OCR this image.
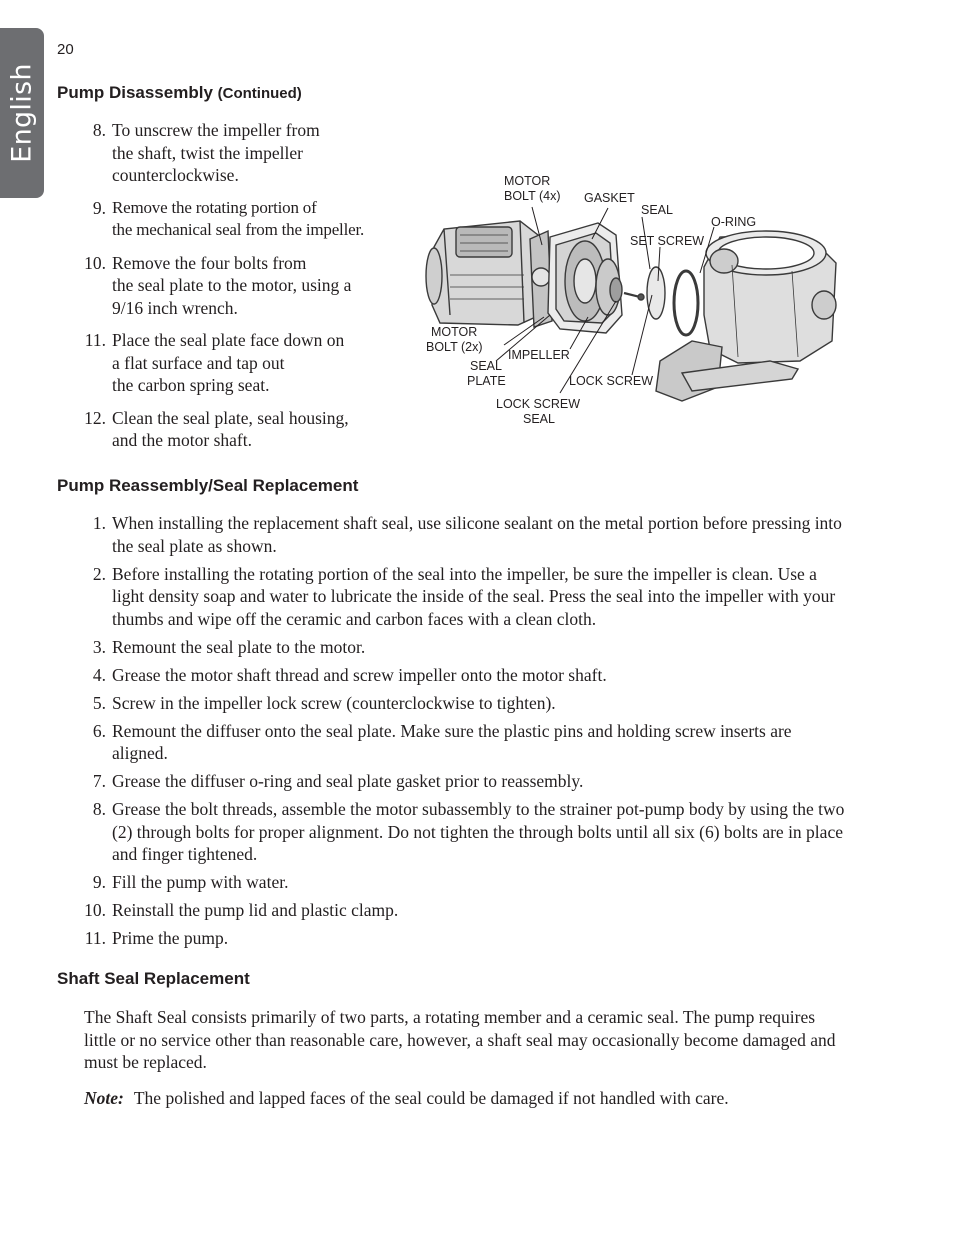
English
20
Pump Disassembly (Continued)
8. To unscrew the impeller from
the shaft, twist the impeller
counterclockwise.
9. Remove the rotating portion of
the mechanical seal from the impeller.
10. Remove the four bolts from
the seal plate to the motor, using a
9/16 inch wrench.
11. Place the seal plate face down on
a flat surface and tap out
the carbon spring seat.
12. Clean the seal plate, seal housing,
and the motor shaft.
MOTOR
BOLT (4x) GASKET
SEAL
O-RING
SET SCREW
MOTOR
BOLT (2x)
IMPELLER
SEAL
PLATE	LOCK SCREW
LOCK SCREW
SEAL
Pump Reassembly/Seal Replacement
1. When installing the replacement shaft seal, use silicone sealant on the metal portion before pressing into the seal plate as shown.
2. Before installing the rotating portion of the seal into the impeller, be sure the impeller is clean. Use a light density soap and water to lubricate the inside of the seal. Press the seal into the impeller with your thumbs and wipe off the ceramic and carbon faces with a clean cloth.
3. Remount the seal plate to the motor.
4. Grease the motor shaft thread and screw impeller onto the motor shaft.
5. Screw in the impeller lock screw (counterclockwise to tighten).
6. Remount the diffuser onto the seal plate. Make sure the plastic pins and holding screw inserts are aligned.
7. Grease the diffuser o-ring and seal plate gasket prior to reassembly.
8. Grease the bolt threads, assemble the motor subassembly to the strainer pot-pump body by using the two (2) through bolts for proper alignment. Do not tighten the through bolts until all six (6) bolts are in place and finger tightened.
9. Fill the pump with water.
10. Reinstall the pump lid and plastic clamp.
11. Prime the pump.
Shaft Seal Replacement

The Shaft Seal consists primarily of two parts, a rotating member and a ceramic seal. The pump requires little or no service other than reasonable care, however, a shaft seal may occasionally become damaged and must be replaced.

Note: The polished and lapped faces of the seal could be damaged if not handled with care.
